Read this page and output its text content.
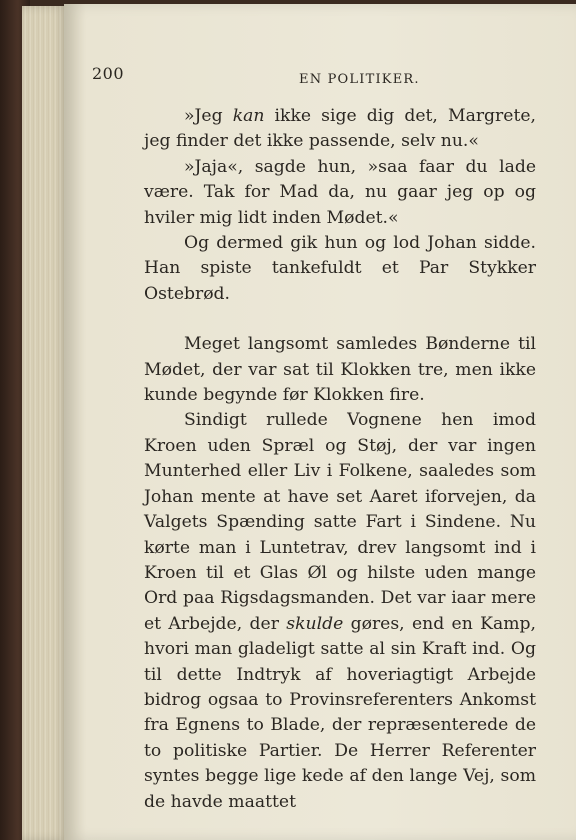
200	EN POLITIKER.

»Jeg kan ikke sige dig det, Margrete, jeg finder det ikke passende, selv nu.«

»Jaja«, sagde hun, »saa faar du lade være. Tak for Mad da, nu gaar jeg op og hviler mig lidt inden Mødet.«

Og dermed gik hun og lod Johan sidde. Han spiste tankefuldt et Par Stykker Ostebrød.

Meget langsomt samledes Bønderne til Mødet, der var sat til Klokken tre, men ikke kunde begynde før Klokken fire.

Sindigt rullede Vognene hen imod Kroen uden Spræl og Støj, der var ingen Munterhed eller Liv i Folkene, saaledes som Johan mente at have set Aaret iforvejen, da Valgets Spænding satte Fart i Sindene. Nu kørte man i Luntetrav, drev langsomt ind i Kroen til et Glas Øl og hilste uden mange Ord paa Rigsdagsmanden. Det var iaar mere et Arbejde, der skulde gøres, end en Kamp, hvori man gladeligt satte al sin Kraft ind. Og til dette Indtryk af hoveriagtigt Arbejde bidrog ogsaa to Provinsreferenters Ankomst fra Egnens to Blade, der repræsenterede de to politiske Partier. De Herrer Referenter syntes begge lige kede af den lange Vej, som de havde maattet
